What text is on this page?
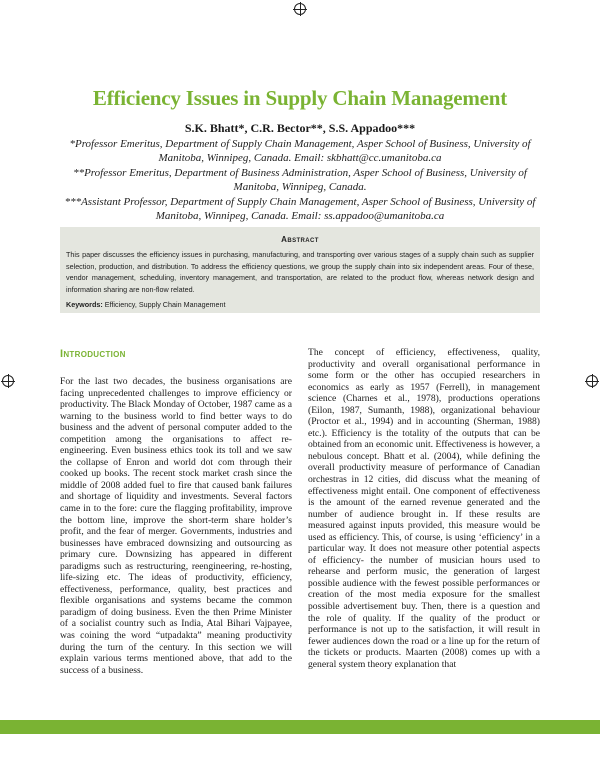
Efficiency Issues in Supply Chain Management
S.K. Bhatt*, C.R. Bector**, S.S. Appadoo***
*Professor Emeritus, Department of Supply Chain Management, Asper School of Business, University of Manitoba, Winnipeg, Canada. Email: skbhatt@cc.umanitoba.ca
**Professor Emeritus, Department of Business Administration, Asper School of Business, University of Manitoba, Winnipeg, Canada.
***Assistant Professor, Department of Supply Chain Management, Asper School of Business, University of Manitoba, Winnipeg, Canada. Email: ss.appadoo@umanitoba.ca
Abstract
This paper discusses the efficiency issues in purchasing, manufacturing, and transporting over various stages of a supply chain such as supplier selection, production, and distribution. To address the efficiency questions, we group the supply chain into six independent areas. Four of these, vendor management, scheduling, inventory management, and transportation, are related to the product flow, whereas network design and information sharing are non-flow related.
Keywords: Efficiency, Supply Chain Management
Introduction
For the last two decades, the business organisations are facing unprecedented challenges to improve efficiency or productivity. The Black Monday of October, 1987 came as a warning to the business world to find better ways to do business and the advent of personal computer added to the competition among the organisations to affect re-engineering. Even business ethics took its toll and we saw the collapse of Enron and world dot com through their cooked up books. The recent stock market crash since the middle of 2008 added fuel to fire that caused bank failures and shortage of liquidity and investments. Several factors came in to the fore: cure the flagging profitability, improve the bottom line, improve the short-term share holder’s profit, and the fear of merger. Governments, industries and businesses have embraced downsizing and outsourcing as primary cure. Downsizing has appeared in different paradigms such as restructuring, reengineering, re-hosting, life-sizing etc. The ideas of productivity, efficiency, effectiveness, performance, quality, best practices and flexible organisations and systems became the common paradigm of doing business. Even the then Prime Minister of a socialist country such as India, Atal Bihari Vajpayee, was coining the word “utpadakta” meaning productivity during the turn of the century. In this section we will explain various terms mentioned above, that add to the success of a business.
The concept of efficiency, effectiveness, quality, productivity and overall organisational performance in some form or the other has occupied researchers in economics as early as 1957 (Ferrell), in management science (Charnes et al., 1978), productions operations (Eilon, 1987, Sumanth, 1988), organizational behaviour (Proctor et al., 1994) and in accounting (Sherman, 1988) etc.). Efficiency is the totality of the outputs that can be obtained from an economic unit. Effectiveness is however, a nebulous concept. Bhatt et al. (2004), while defining the overall productivity measure of performance of Canadian orchestras in 12 cities, did discuss what the meaning of effectiveness might entail. One component of effectiveness is the amount of the earned revenue generated and the number of audience brought in. If these results are measured against inputs provided, this measure would be used as efficiency. This, of course, is using ‘efficiency’ in a particular way. It does not measure other potential aspects of efficiency- the number of musician hours used to rehearse and perform music, the generation of largest possible audience with the fewest possible performances or creation of the most media exposure for the smallest possible advertisement buy. Then, there is a question and the role of quality. If the quality of the product or performance is not up to the satisfaction, it will result in fewer audiences down the road or a line up for the return of the tickets or products. Maarten (2008) comes up with a general system theory explanation that
